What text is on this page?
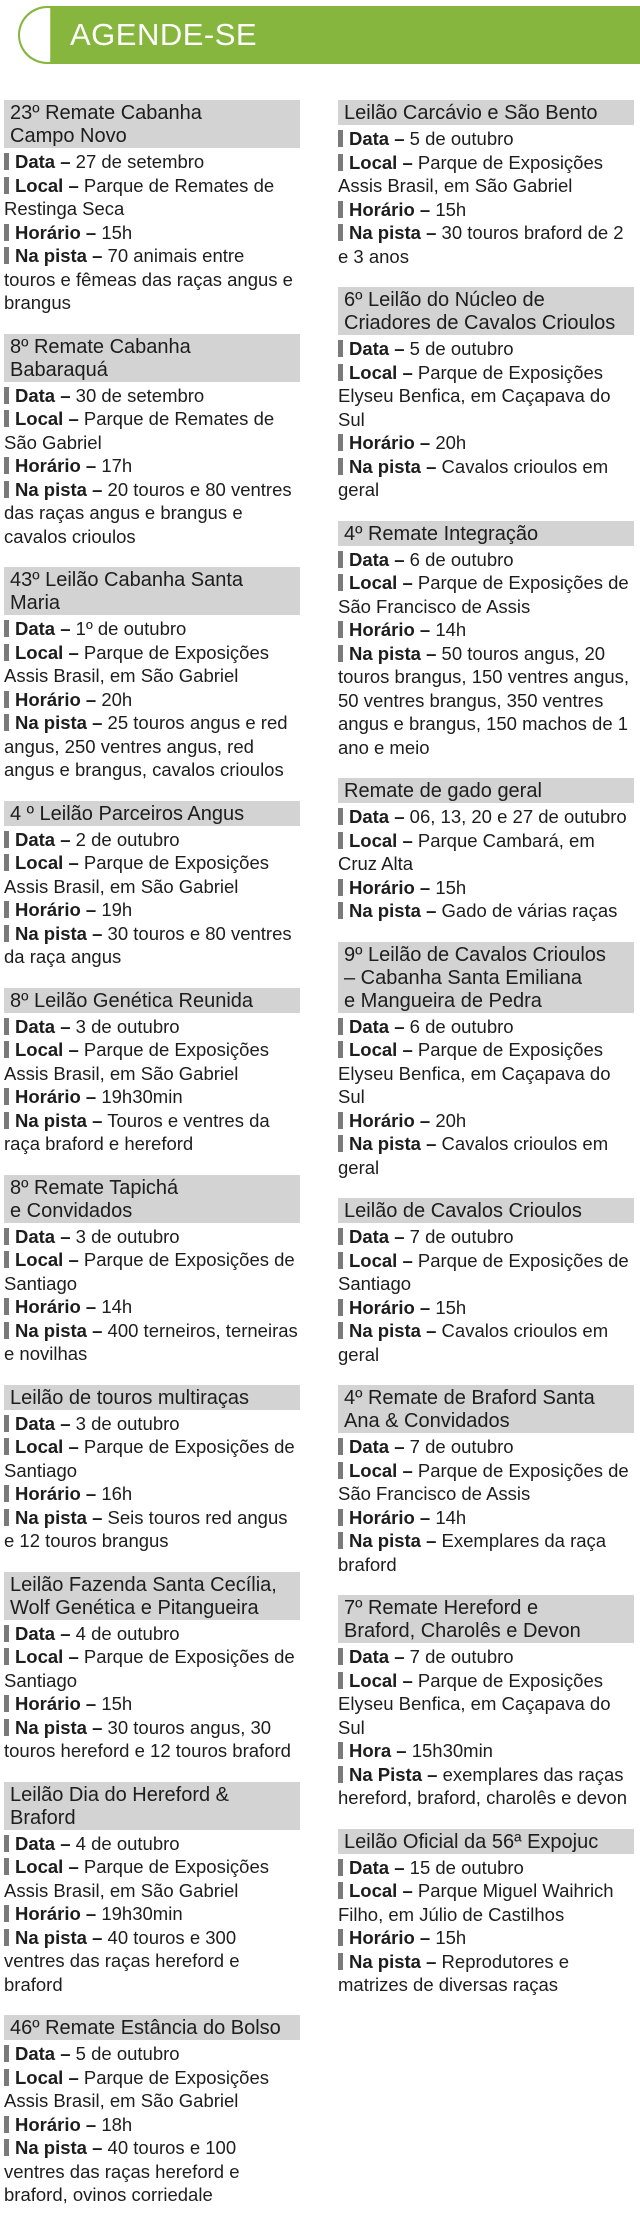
AGENDE-SE
23º Remate Cabanha
Campo Novo
Data – 27 de setembro
Local – Parque de Remates de Restinga Seca
Horário – 15h
Na pista – 70 animais entre touros e fêmeas das raças angus e brangus
8º Remate Cabanha Babaraquá
Data – 30 de setembro
Local – Parque de Remates de São Gabriel
Horário – 17h
Na pista – 20 touros e 80 ventres das raças angus e brangus e cavalos crioulos
43º Leilão Cabanha Santa Maria
Data – 1º de outubro
Local – Parque de Exposições Assis Brasil, em São Gabriel
Horário – 20h
Na pista – 25 touros angus e red angus, 250 ventres angus, red angus e brangus, cavalos crioulos
4 º Leilão Parceiros Angus
Data – 2 de outubro
Local – Parque de Exposições Assis Brasil, em São Gabriel
Horário – 19h
Na pista – 30 touros e 80 ventres da raça angus
8º Leilão Genética Reunida
Data – 3 de outubro
Local – Parque de Exposições Assis Brasil, em São Gabriel
Horário – 19h30min
Na pista – Touros e ventres da raça braford e hereford
8º Remate Tapichá
e Convidados
Data – 3 de outubro
Local – Parque de Exposições de Santiago
Horário – 14h
Na pista – 400 terneiros, terneiras e novilhas
Leilão de touros multiraças
Data – 3 de outubro
Local – Parque de Exposições de Santiago
Horário – 16h
Na pista – Seis touros red angus e 12 touros brangus
Leilão Fazenda Santa Cecília,
Wolf Genética e Pitangueira
Data – 4 de outubro
Local – Parque de Exposições de Santiago
Horário – 15h
Na pista – 30 touros angus, 30 touros hereford e 12 touros braford
Leilão Dia do Hereford & Braford
Data – 4 de outubro
Local – Parque de Exposições Assis Brasil, em São Gabriel
Horário – 19h30min
Na pista – 40 touros e 300 ventres das raças hereford e braford
46º Remate Estância do Bolso
Data – 5 de outubro
Local – Parque de Exposições Assis Brasil, em São Gabriel
Horário – 18h
Na pista – 40 touros e 100 ventres das raças hereford e braford, ovinos corriedale
Leilão Carcávio e São Bento
Data – 5 de outubro
Local – Parque de Exposições Assis Brasil, em São Gabriel
Horário – 15h
Na pista – 30 touros braford de 2 e 3 anos
6º Leilão do Núcleo de
Criadores de Cavalos Crioulos
Data – 5 de outubro
Local – Parque de Exposições Elyseu Benfica, em Caçapava do Sul
Horário – 20h
Na pista – Cavalos crioulos em geral
4º Remate Integração
Data – 6 de outubro
Local – Parque de Exposições de São Francisco de Assis
Horário – 14h
Na pista – 50 touros angus, 20 touros brangus, 150 ventres angus, 50 ventres brangus, 350 ventres angus e brangus, 150 machos de 1 ano e meio
Remate de gado geral
Data – 06, 13, 20 e 27 de outubro
Local – Parque Cambará, em Cruz Alta
Horário – 15h
Na pista – Gado de várias raças
9º Leilão de Cavalos Crioulos
– Cabanha Santa Emiliana
e Mangueira de Pedra
Data – 6 de outubro
Local – Parque de Exposições Elyseu Benfica, em Caçapava do Sul
Horário – 20h
Na pista – Cavalos crioulos em geral
Leilão de Cavalos Crioulos
Data – 7 de outubro
Local – Parque de Exposições de Santiago
Horário – 15h
Na pista – Cavalos crioulos em geral
4º Remate de Braford Santa
Ana & Convidados
Data – 7 de outubro
Local – Parque de Exposições de São Francisco de Assis
Horário – 14h
Na pista – Exemplares da raça braford
7º Remate Hereford e
Braford, Charolês e Devon
Data – 7 de outubro
Local – Parque de Exposições Elyseu Benfica, em Caçapava do Sul
Hora – 15h30min
Na Pista – exemplares das raças hereford, braford, charolês e devon
Leilão Oficial da 56ª Expojuc
Data – 15 de outubro
Local – Parque Miguel Waihrich Filho, em Júlio de Castilhos
Horário – 15h
Na pista – Reprodutores e matrizes de diversas raças
